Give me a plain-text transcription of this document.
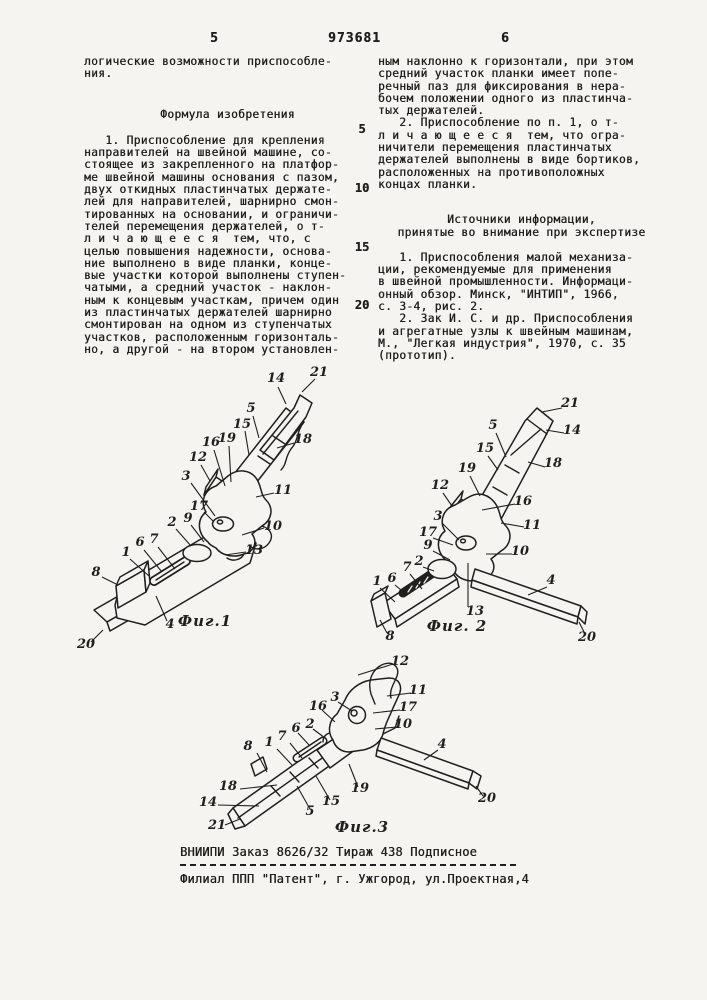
5	973681	6
логические возможности приспособле-
ния.
Формула изобретения
1. Приспособление для крепления
направителей на швейной машине, со-
стоящее из закрепленного на платфор-
ме швейной машины основания с пазом,
двух откидных пластинчатых держате-
лей для направителей, шарнирно смон-
тированных на основании, и ограничи-
телей перемещения держателей, о т-
л и ч а ю щ е е с я  тем, что, с
целью повышения надежности, основа-
ние выполнено в виде планки, конце-
вые участки которой выполнены ступен-
чатыми, а средний участок - наклон-
ным к концевым участкам, причем один
из пластинчатых держателей шарнирно
смонтирован на одном из ступенчатых
участков, расположенным горизонталь-
но, а другой - на втором установлен-
5
10
15
20
ным наклонно к горизонтали, при этом
средний участок планки имеет попе-
речный паз для фиксирования в нера-
бочем положении одного из пластинча-
тых держателей.
2. Приспособление по п. 1, о т-
л и ч а ю щ е е с я  тем, что огра-
ничители перемещения пластинчатых
держателей выполнены в виде бортиков,
расположенных на противоположных
концах планки.
Источники информации,
принятые во внимание при экспертизе
1. Приспособления малой механиза-
ции, рекомендуемые для применения
в швейной промышленности. Информаци-
онный обзор. Минск, "ИНТИП", 1966,
с. 3-4, рис. 2.
2. Зак И. С. и др. Приспособления
и агрегатные узлы к швейным машинам,
М., "Легкая индустрия", 1970, с. 35
(прототип).
Фиг.1
14 21
5
15
19
16
12
18
3
11
17
10
9
2
13
1
6 7
8
4
20
Фиг. 2
21
14
5
15
18
19
12
16
3
11
17
9	10
2
13
7
6
1
8
4
20
Фиг.3
12
11
3
16	17
10
2
6
7
1
8	4
18
14
5
15
19
21
20
ВНИИПИ Заказ 8626/32 Тираж 438 Подписное
Филиал ППП "Патент", г. Ужгород, ул.Проектная,4
